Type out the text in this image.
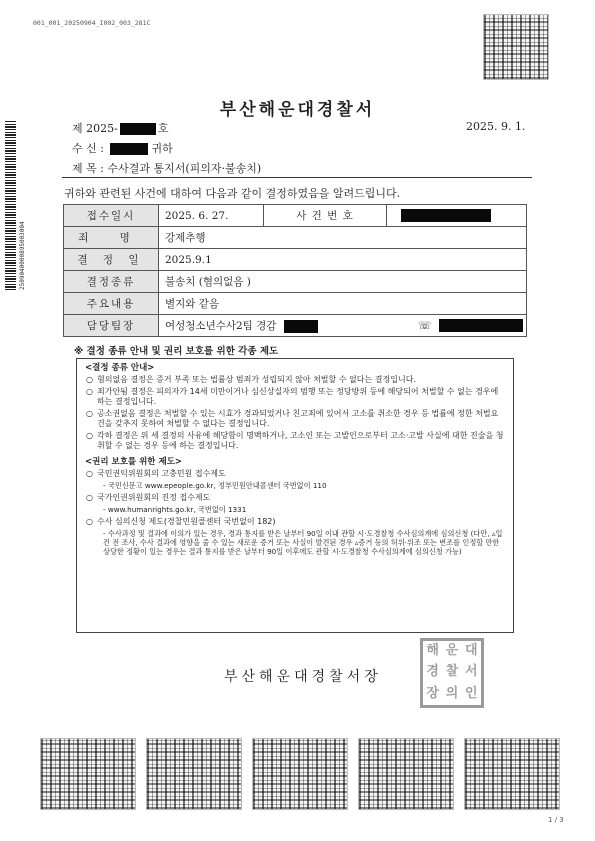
001_001_20250904_I002_003_281C
2509040000895003004
부산해운대경찰서
제 2025-	호	2025. 9. 1.
수 신 :	귀하
제 목 : 수사결과 통지서(피의자·불송치)
귀하와 관련된 사건에 대하여 다음과 같이 결정하였음을 알려드립니다.
접수일시	2025. 6. 27.	사 건 번 호	
죄 명	강제추행		
결 정 일	2025.9.1		
결정종류	불송치 (혐의없음 )		
주요내용	별지와 같음		
담당팀장	여성청소년수사2팀 경감 ☏		
※ 결정 종류 안내 및 권리 보호를 위한 각종 제도
<결정 종류 안내>
○ 혐의없음 결정은 증거 부족 또는 법률상 범죄가 성립되지 않아 처벌할 수 없다는 결정입니다.
○ 죄가안됨 결정은 피의자가 14세 미만이거나 심신상실자의 범행 또는 정당방위 등에 해당되어 처벌할 수 없는 경우에 하는 결정입니다.
○ 공소권없음 결정은 처벌할 수 있는 시효가 경과되었거나 친고죄에 있어서 고소를 취소한 경우 등 법률에 정한 처벌요건을 갖추지 못하여 처벌할 수 없다는 결정입니다.
○ 각하 결정은 위 세 결정의 사유에 해당함이 명백하거나, 고소인 또는 고발인으로부터 고소·고발 사실에 대한 진술을 청취할 수 없는 경우 등에 하는 결정입니다.
<권리 보호를 위한 제도>
○ 국민권익위원회의 고충민원 접수제도
- 국민신문고 www.epeople.go.kr, 정부민원안내콜센터 국번없이 110
○ 국가인권위원회의 진정 접수제도
- www.humanrights.go.kr, 국번없이 1331
○ 수사 심의신청 제도(경찰민원콜센터 국번없이 182)
- 수사과정 및 결과에 이의가 있는 경우, 경과 통지를 받은 날부터 90일 이내 관할 시·도경찰청 수사심의계에 심의신청 (다만, ▵입건 전 조사, 수사 결과에 영향을 줄 수 있는 새로운 증거 또는 사실이 발견된 경우 ▵증거 등의 허위·위조 또는 변조를 인정할 만한 상당한 정황이 있는 경우는 결과 통지를 받은 날부터 90일 이후에도 관할 시·도경찰청 수사심의계에 심의신청 가능)
부산해운대경찰서장
해 운 대
경 찰 서
장 의 인
1 / 3
